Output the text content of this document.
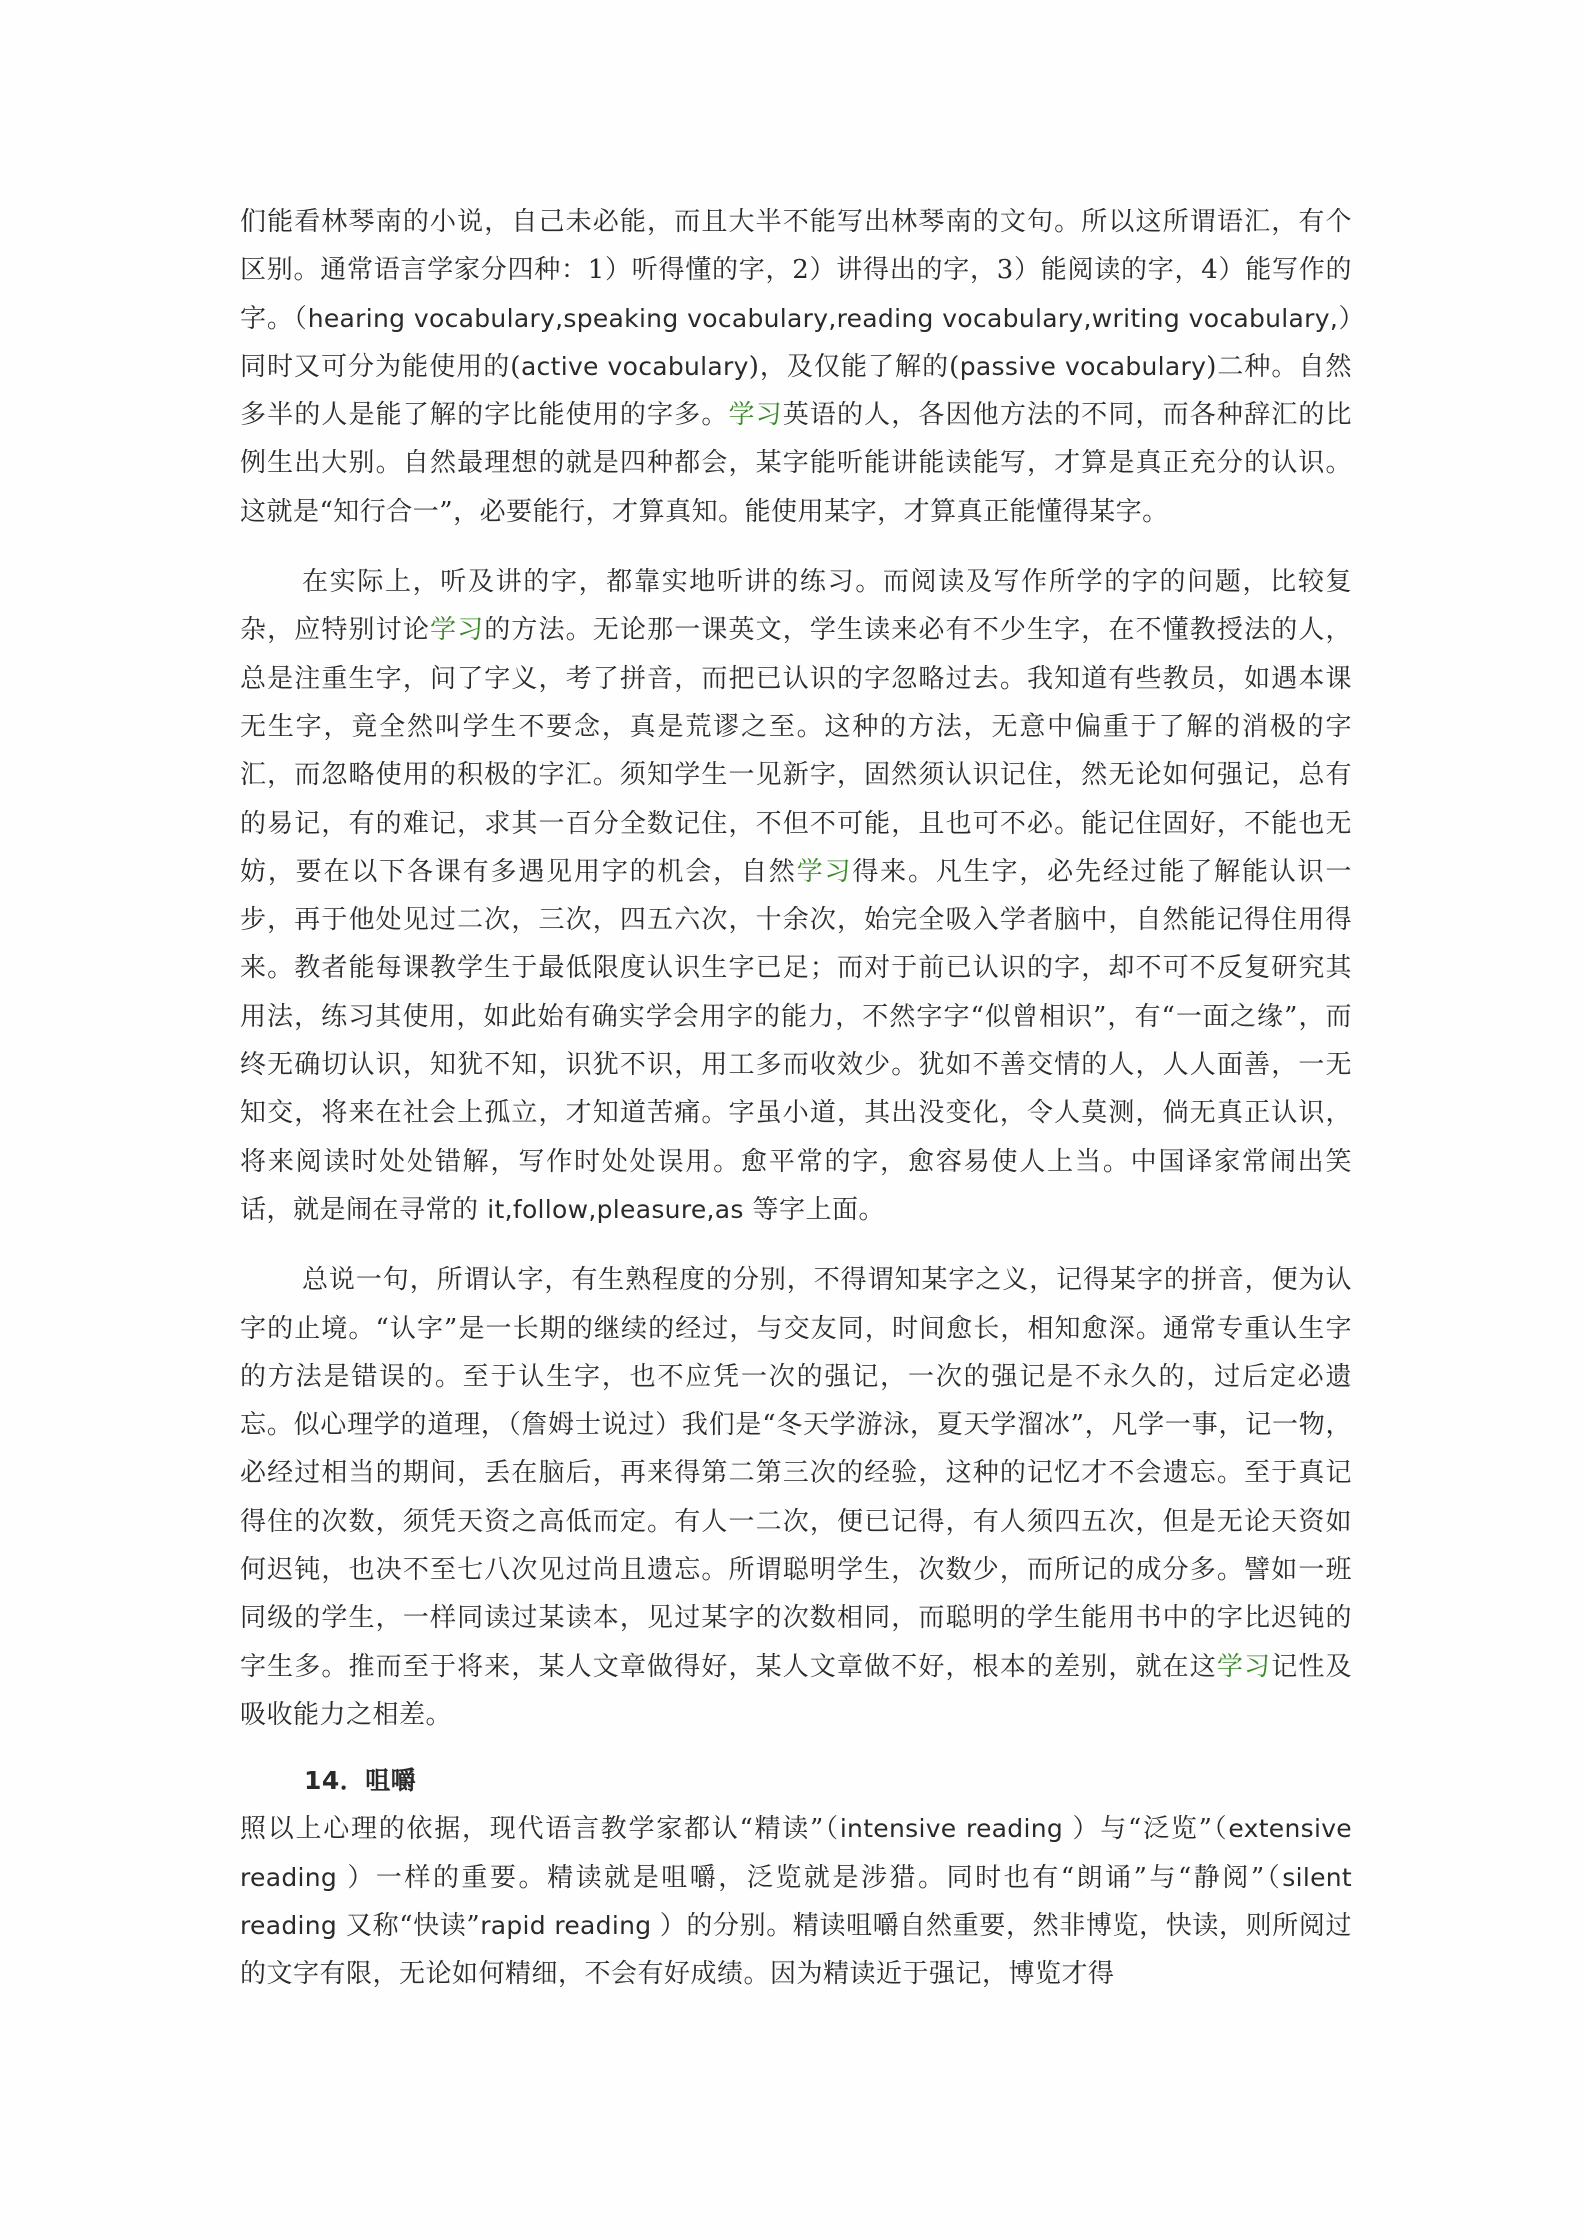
们能看林琴南的小说，自己未必能，而且大半不能写出林琴南的文句。所以这所谓语汇，有个区别。通常语言学家分四种：1）听得懂的字，2）讲得出的字，3）能阅读的字，4）能写作的字。（hearing vocabulary,speaking vocabulary,reading vocabulary,writing vocabulary,）同时又可分为能使用的(active vocabulary)，及仅能了解的(passive vocabulary)二种。自然多半的人是能了解的字比能使用的字多。学习英语的人，各因他方法的不同，而各种辞汇的比例生出大别。自然最理想的就是四种都会，某字能听能讲能读能写，才算是真正充分的认识。这就是“知行合一”，必要能行，才算真知。能使用某字，才算真正能懂得某字。

在实际上，听及讲的字，都靠实地听讲的练习。而阅读及写作所学的字的问题，比较复杂，应特别讨论学习的方法。无论那一课英文，学生读来必有不少生字，在不懂教授法的人，总是注重生字，问了字义，考了拼音，而把已认识的字忽略过去。我知道有些教员，如遇本课无生字，竟全然叫学生不要念，真是荒谬之至。这种的方法，无意中偏重于了解的消极的字汇，而忽略使用的积极的字汇。须知学生一见新字，固然须认识记住，然无论如何强记，总有的易记，有的难记，求其一百分全数记住，不但不可能，且也可不必。能记住固好，不能也无妨，要在以下各课有多遇见用字的机会，自然学习得来。凡生字，必先经过能了解能认识一步，再于他处见过二次，三次，四五六次，十余次，始完全吸入学者脑中，自然能记得住用得来。教者能每课教学生于最低限度认识生字已足；而对于前已认识的字，却不可不反复研究其用法，练习其使用，如此始有确实学会用字的能力，不然字字“似曾相识”，有“一面之缘”，而终无确切认识，知犹不知，识犹不识，用工多而收效少。犹如不善交情的人，人人面善，一无知交，将来在社会上孤立，才知道苦痛。字虽小道，其出没变化，令人莫测，倘无真正认识，将来阅读时处处错解，写作时处处误用。愈平常的字，愈容易使人上当。中国译家常闹出笑话，就是闹在寻常的 it,follow,pleasure,as 等字上面。

总说一句，所谓认字，有生熟程度的分别，不得谓知某字之义，记得某字的拼音，便为认字的止境。“认字”是一长期的继续的经过，与交友同，时间愈长，相知愈深。通常专重认生字的方法是错误的。至于认生字，也不应凭一次的强记，一次的强记是不永久的，过后定必遗忘。似心理学的道理，（詹姆士说过）我们是“冬天学游泳，夏天学溜冰”，凡学一事，记一物，必经过相当的期间，丢在脑后，再来得第二第三次的经验，这种的记忆才不会遗忘。至于真记得住的次数，须凭天资之高低而定。有人一二次，便已记得，有人须四五次，但是无论天资如何迟钝，也决不至七八次见过尚且遗忘。所谓聪明学生，次数少，而所记的成分多。譬如一班同级的学生，一样同读过某读本，见过某字的次数相同，而聪明的学生能用书中的字比迟钝的字生多。推而至于将来，某人文章做得好，某人文章做不好，根本的差别，就在这学习记性及吸收能力之相差。

14．咀嚼

照以上心理的依据，现代语言教学家都认“精读”（intensive reading ）与“泛览”（extensive reading ）一样的重要。精读就是咀嚼，泛览就是涉猎。同时也有“朗诵”与“静阅”（silent reading 又称“快读”rapid reading ）的分别。精读咀嚼自然重要，然非博览，快读，则所阅过的文字有限，无论如何精细，不会有好成绩。因为精读近于强记，博览才得
